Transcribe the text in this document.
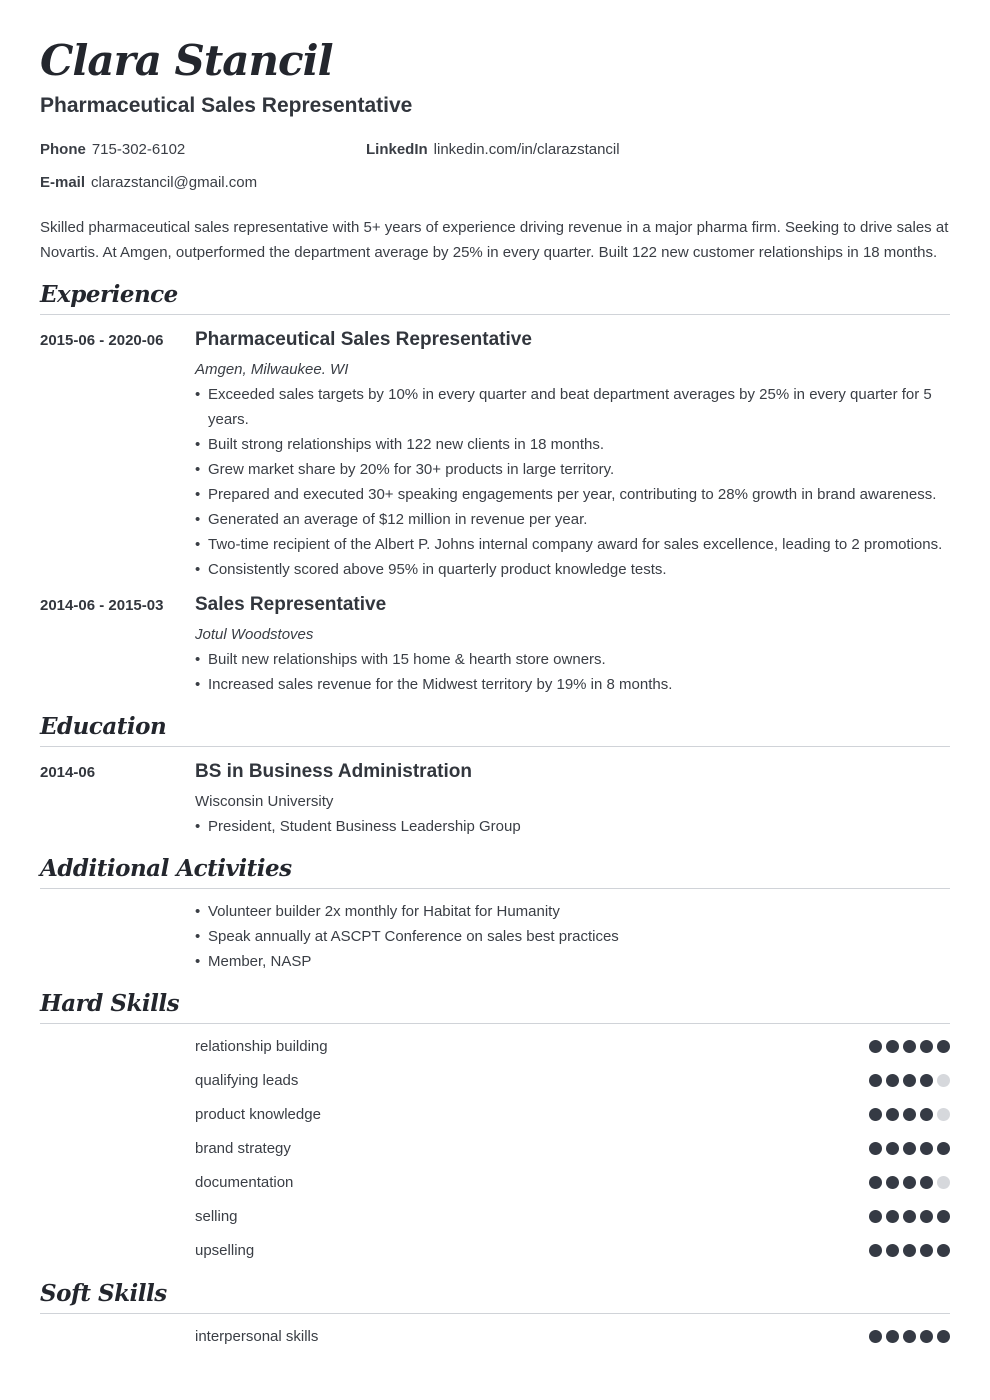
Clara Stancil
Pharmaceutical Sales Representative
Phone 715-302-6102	LinkedIn linkedin.com/in/clarazstancil
E-mail clarazstancil@gmail.com

Skilled pharmaceutical sales representative with 5+ years of experience driving revenue in a major pharma firm. Seeking to drive sales at Novartis. At Amgen, outperformed the department average by 25% in every quarter. Built 122 new customer relationships in 18 months.

Experience
2015-06 - 2020-06 Pharmaceutical Sales Representative
Amgen, Milwaukee. WI
• Exceeded sales targets by 10% in every quarter and beat department averages by 25% in every quarter for 5 years.
• Built strong relationships with 122 new clients in 18 months.
• Grew market share by 20% for 30+ products in large territory.
• Prepared and executed 30+ speaking engagements per year, contributing to 28% growth in brand awareness.
• Generated an average of $12 million in revenue per year.
• Two-time recipient of the Albert P. Johns internal company award for sales excellence, leading to 2 promotions.
• Consistently scored above 95% in quarterly product knowledge tests.
2014-06 - 2015-03 Sales Representative
Jotul Woodstoves
• Built new relationships with 15 home & hearth store owners.
• Increased sales revenue for the Midwest territory by 19% in 8 months.
Education
2014-06	BS in Business Administration
Wisconsin University
• President, Student Business Leadership Group
Additional Activities
• Volunteer builder 2x monthly for Habitat for Humanity
• Speak annually at ASCPT Conference on sales best practices
• Member, NASP
Hard Skills
relationship building
qualifying leads
product knowledge
brand strategy
documentation
selling
upselling
Soft Skills
interpersonal skills
